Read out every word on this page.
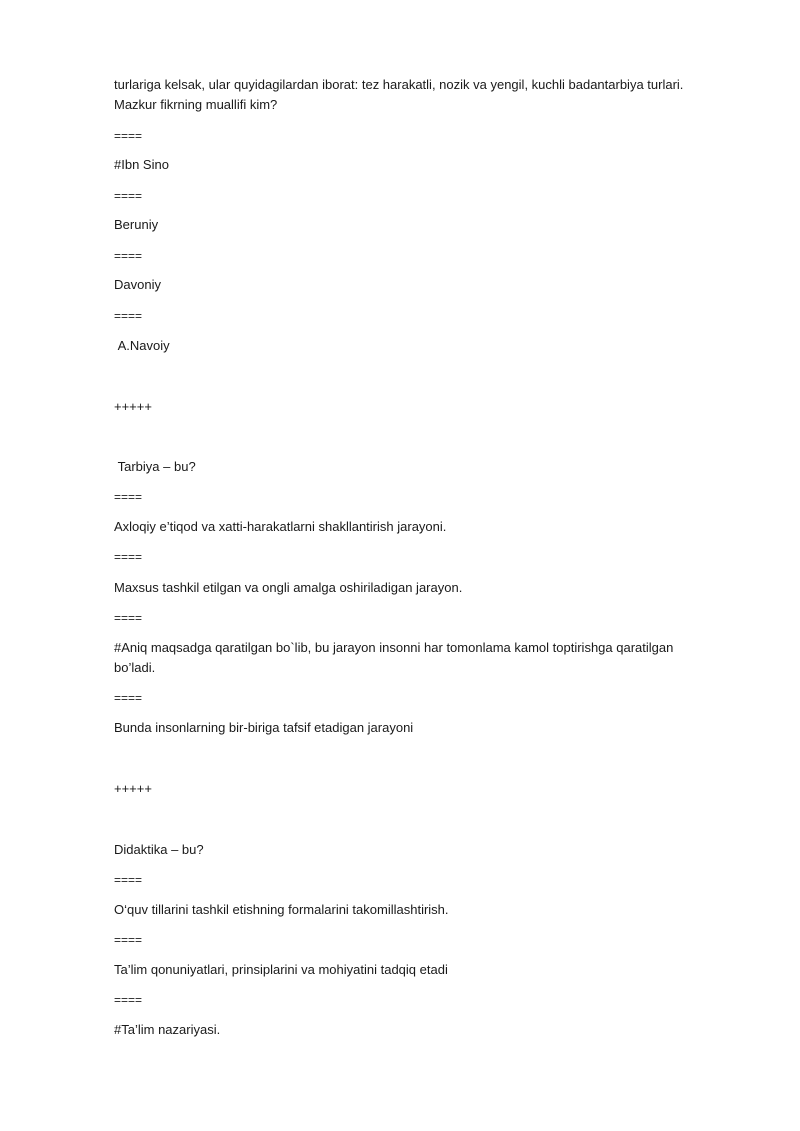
turlariga kelsak, ular quyidagilardan iborat: tez harakatli, nozik va yengil, kuchli badantarbiya turlari.
Mazkur fikrning muallifi kim?
====
#Ibn Sino
====
Beruniy
====
Davoniy
====
A.Navoiy
+++++
Tarbiya – bu?
====
Axloqiy e’tiqod va xatti-harakatlarni shakllantirish jarayoni.
====
Maxsus tashkil etilgan va ongli amalga oshiriladigan jarayon.
====
#Aniq maqsadga qaratilgan bo`lib, bu jarayon insonni har tomonlama kamol toptirishga qaratilgan
bo’ladi.
====
Bunda insonlarning bir-biriga tafsif etadigan jarayoni
+++++
Didaktika – bu?
====
O‘quv tillarini tashkil etishning formalarini takomillashtirish.
====
Ta’lim qonuniyatlari, prinsiplarini va mohiyatini tadqiq etadi
====
#Ta’lim nazariyasi.
